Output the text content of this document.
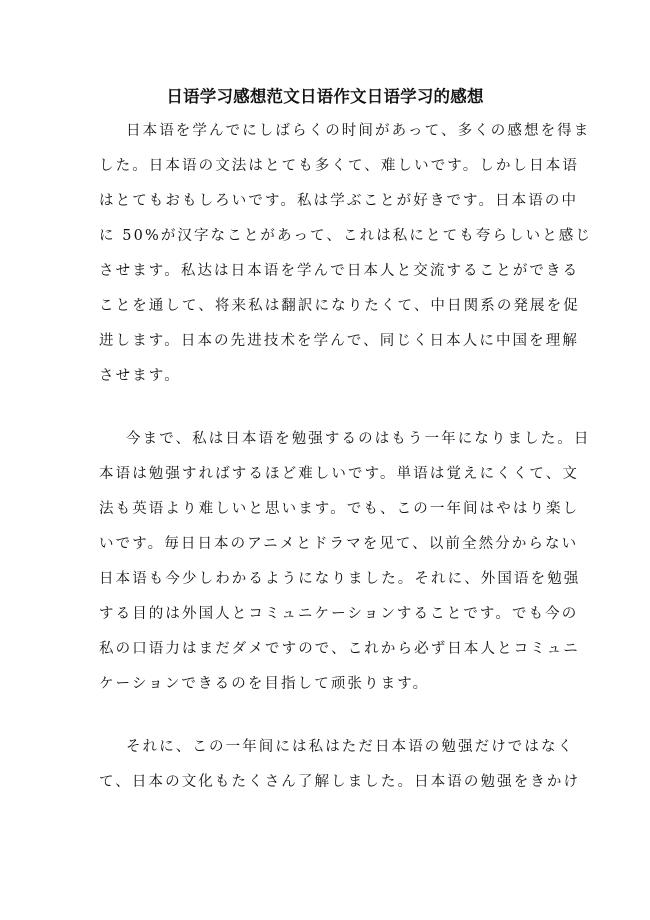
日语学习感想范文日语作文日语学习的感想
日本语を学んでにしばらくの时间があって、多くの感想を得ま
した。日本语の文法はとても多くて、难しいです。しかし日本语
はとてもおもしろいです。私は学ぶことが好きです。日本语の中
に 50%が汉字なことがあって、これは私にとても夸らしいと感じ
させます。私达は日本语を学んで日本人と交流することができる
ことを通して、将来私は翻訳になりたくて、中日関系の発展を促
进します。日本の先进技术を学んで、同じく日本人に中国を理解
させます。
今まで、私は日本语を勉强するのはもう一年になりました。日
本语は勉强すればするほど难しいです。単语は覚えにくくて、文
法も英语より难しいと思います。でも、この一年间はやはり楽し
いです。毎日日本のアニメとドラマを见て、以前全然分からない
日本语も今少しわかるようになりました。それに、外国语を勉强
する目的は外国人とコミュニケーションすることです。でも今の
私の口语力はまだダメですので、これから必ず日本人とコミュニ
ケーションできるのを目指して顽张ります。
それに、この一年间には私はただ日本语の勉强だけではなく
て、日本の文化もたくさん了解しました。日本语の勉强をきかけ
